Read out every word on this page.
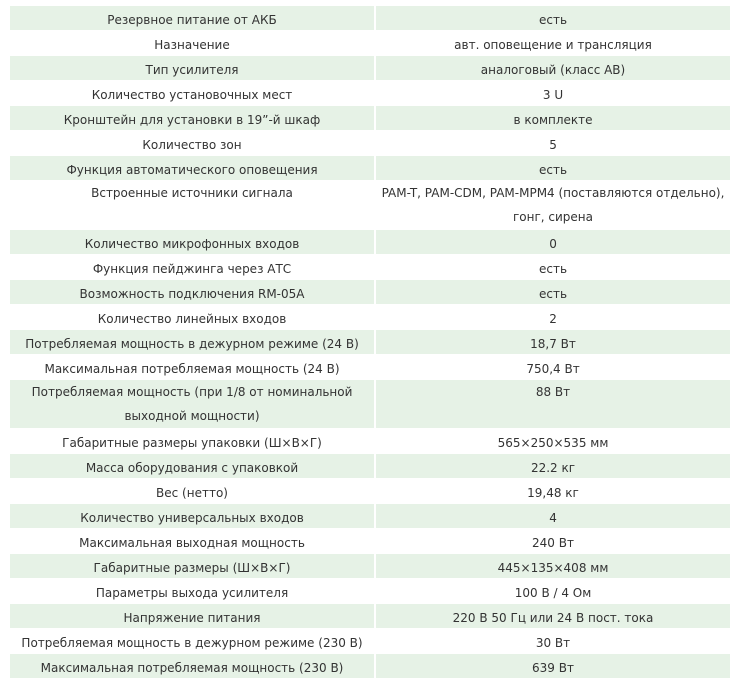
Резервное питание от АКБ	есть
Назначение	авт. оповещение и трансляция
Тип усилителя	аналоговый (класс AB)
Количество установочных мест	3 U
Кронштейн для установки в 19”-й шкаф	в комплекте
Количество зон	5
Функция автоматического оповещения	есть
Встроенные источники сигнала	PAM-T, PAM-CDM, PAM-MPM4 (поставляются отдельно), гонг, сирена
Количество микрофонных входов	0
Функция пейджинга через АТС	есть
Возможность подключения RM-05A	есть
Количество линейных входов	2
Потребляемая мощность в дежурном режиме (24 В)	18,7 Вт
Максимальная потребляемая мощность (24 В)	750,4 Вт
Потребляемая мощность (при 1/8 от номинальной выходной мощности)	88 Вт
Габаритные размеры упаковки (Ш×В×Г)	565×250×535 мм
Масса оборудования с упаковкой	22.2 кг
Вес (нетто)	19,48 кг
Количество универсальных входов	4
Максимальная выходная мощность	240 Вт
Габаритные размеры (Ш×В×Г)	445×135×408 мм
Параметры выхода усилителя	100 В / 4 Ом
Напряжение питания	220 В 50 Гц или 24 В пост. тока
Потребляемая мощность в дежурном режиме (230 В)	30 Вт
Максимальная потребляемая мощность (230 В)	639 Вт
